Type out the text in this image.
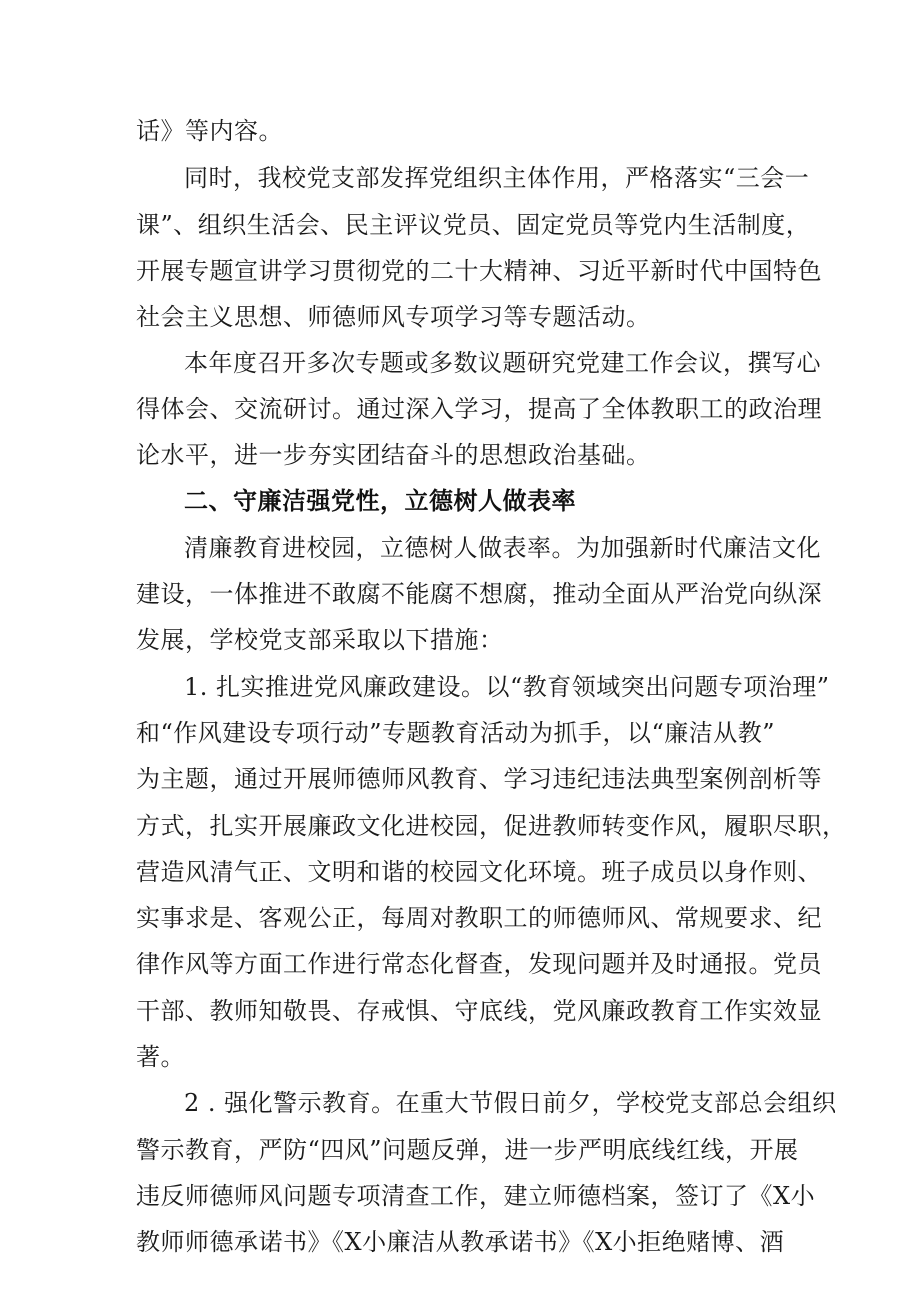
话》等内容。
同时，我校党支部发挥党组织主体作用，严格落实“三会一
课”、组织生活会、民主评议党员、固定党员等党内生活制度，
开展专题宣讲学习贯彻党的二十大精神、习近平新时代中国特色
社会主义思想、师德师风专项学习等专题活动。
本年度召开多次专题或多数议题研究党建工作会议，撰写心
得体会、交流研讨。通过深入学习，提高了全体教职工的政治理
论水平，进一步夯实团结奋斗的思想政治基础。
二、守廉洁强党性，立德树人做表率
清廉教育进校园，立德树人做表率。为加强新时代廉洁文化
建设，一体推进不敢腐不能腐不想腐，推动全面从严治党向纵深
发展，学校党支部采取以下措施：
1. 扎实推进党风廉政建设。以“教育领域突出问题专项治理”
和“作风建设专项行动”专题教育活动为抓手，以“廉洁从教”
为主题，通过开展师德师风教育、学习违纪违法典型案例剖析等
方式，扎实开展廉政文化进校园，促进教师转变作风，履职尽职，
营造风清气正、文明和谐的校园文化环境。班子成员以身作则、
实事求是、客观公正，每周对教职工的师德师风、常规要求、纪
律作风等方面工作进行常态化督查，发现问题并及时通报。党员
干部、教师知敬畏、存戒惧、守底线，党风廉政教育工作实效显
著。
2 . 强化警示教育。在重大节假日前夕，学校党支部总会组织
警示教育，严防“四风”问题反弹，进一步严明底线红线，开展
违反师德师风问题专项清查工作，建立师德档案，签订了《X小
教师师德承诺书》《X小廉洁从教承诺书》《X小拒绝赌博、酒
